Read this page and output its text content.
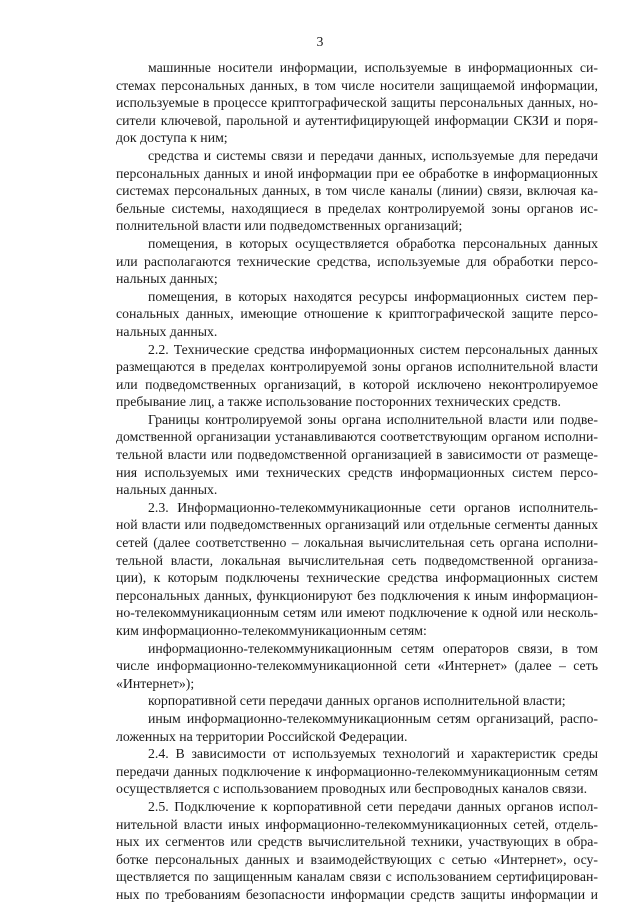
3
машинные носители информации, используемые в информационных си-
стемах персональных данных, в том числе носители защищаемой информации,
используемые в процессе криптографической защиты персональных данных, но-
сители ключевой, парольной и аутентифицирующей информации СКЗИ и поря-
док доступа к ним;
средства и системы связи и передачи данных, используемые для передачи
персональных данных и иной информации при ее обработке в информационных
системах персональных данных, в том числе каналы (линии) связи, включая ка-
бельные системы, находящиеся в пределах контролируемой зоны органов ис-
полнительной власти или подведомственных организаций;
помещения, в которых осуществляется обработка персональных данных
или располагаются технические средства, используемые для обработки персо-
нальных данных;
помещения, в которых находятся ресурсы информационных систем пер-
сональных данных, имеющие отношение к криптографической защите персо-
нальных данных.
2.2. Технические средства информационных систем персональных данных
размещаются в пределах контролируемой зоны органов исполнительной власти
или подведомственных организаций, в которой исключено неконтролируемое
пребывание лиц, а также использование посторонних технических средств.
Границы контролируемой зоны органа исполнительной власти или подве-
домственной организации устанавливаются соответствующим органом исполни-
тельной власти или подведомственной организацией в зависимости от размеще-
ния используемых ими технических средств информационных систем персо-
нальных данных.
2.3. Информационно-телекоммуникационные сети органов исполнитель-
ной власти или подведомственных организаций или отдельные сегменты данных
сетей (далее соответственно – локальная вычислительная сеть органа исполни-
тельной власти, локальная вычислительная сеть подведомственной организа-
ции), к которым подключены технические средства информационных систем
персональных данных, функционируют без подключения к иным информацион-
но-телекоммуникационным сетям или имеют подключение к одной или несколь-
ким информационно-телекоммуникационным сетям:
информационно-телекоммуникационным сетям операторов связи, в том
числе информационно-телекоммуникационной сети «Интернет» (далее – сеть
«Интернет»);
корпоративной сети передачи данных органов исполнительной власти;
иным информационно-телекоммуникационным сетям организаций, распо-
ложенных на территории Российской Федерации.
2.4. В зависимости от используемых технологий и характеристик среды
передачи данных подключение к информационно-телекоммуникационным сетям
осуществляется с использованием проводных или беспроводных каналов связи.
2.5. Подключение к корпоративной сети передачи данных органов испол-
нительной власти иных информационно-телекоммуникационных сетей, отдель-
ных их сегментов или средств вычислительной техники, участвующих в обра-
ботке персональных данных и взаимодействующих с сетью «Интернет», осу-
ществляется по защищенным каналам связи с использованием сертифицирован-
ных по требованиям безопасности информации средств защиты информации и
